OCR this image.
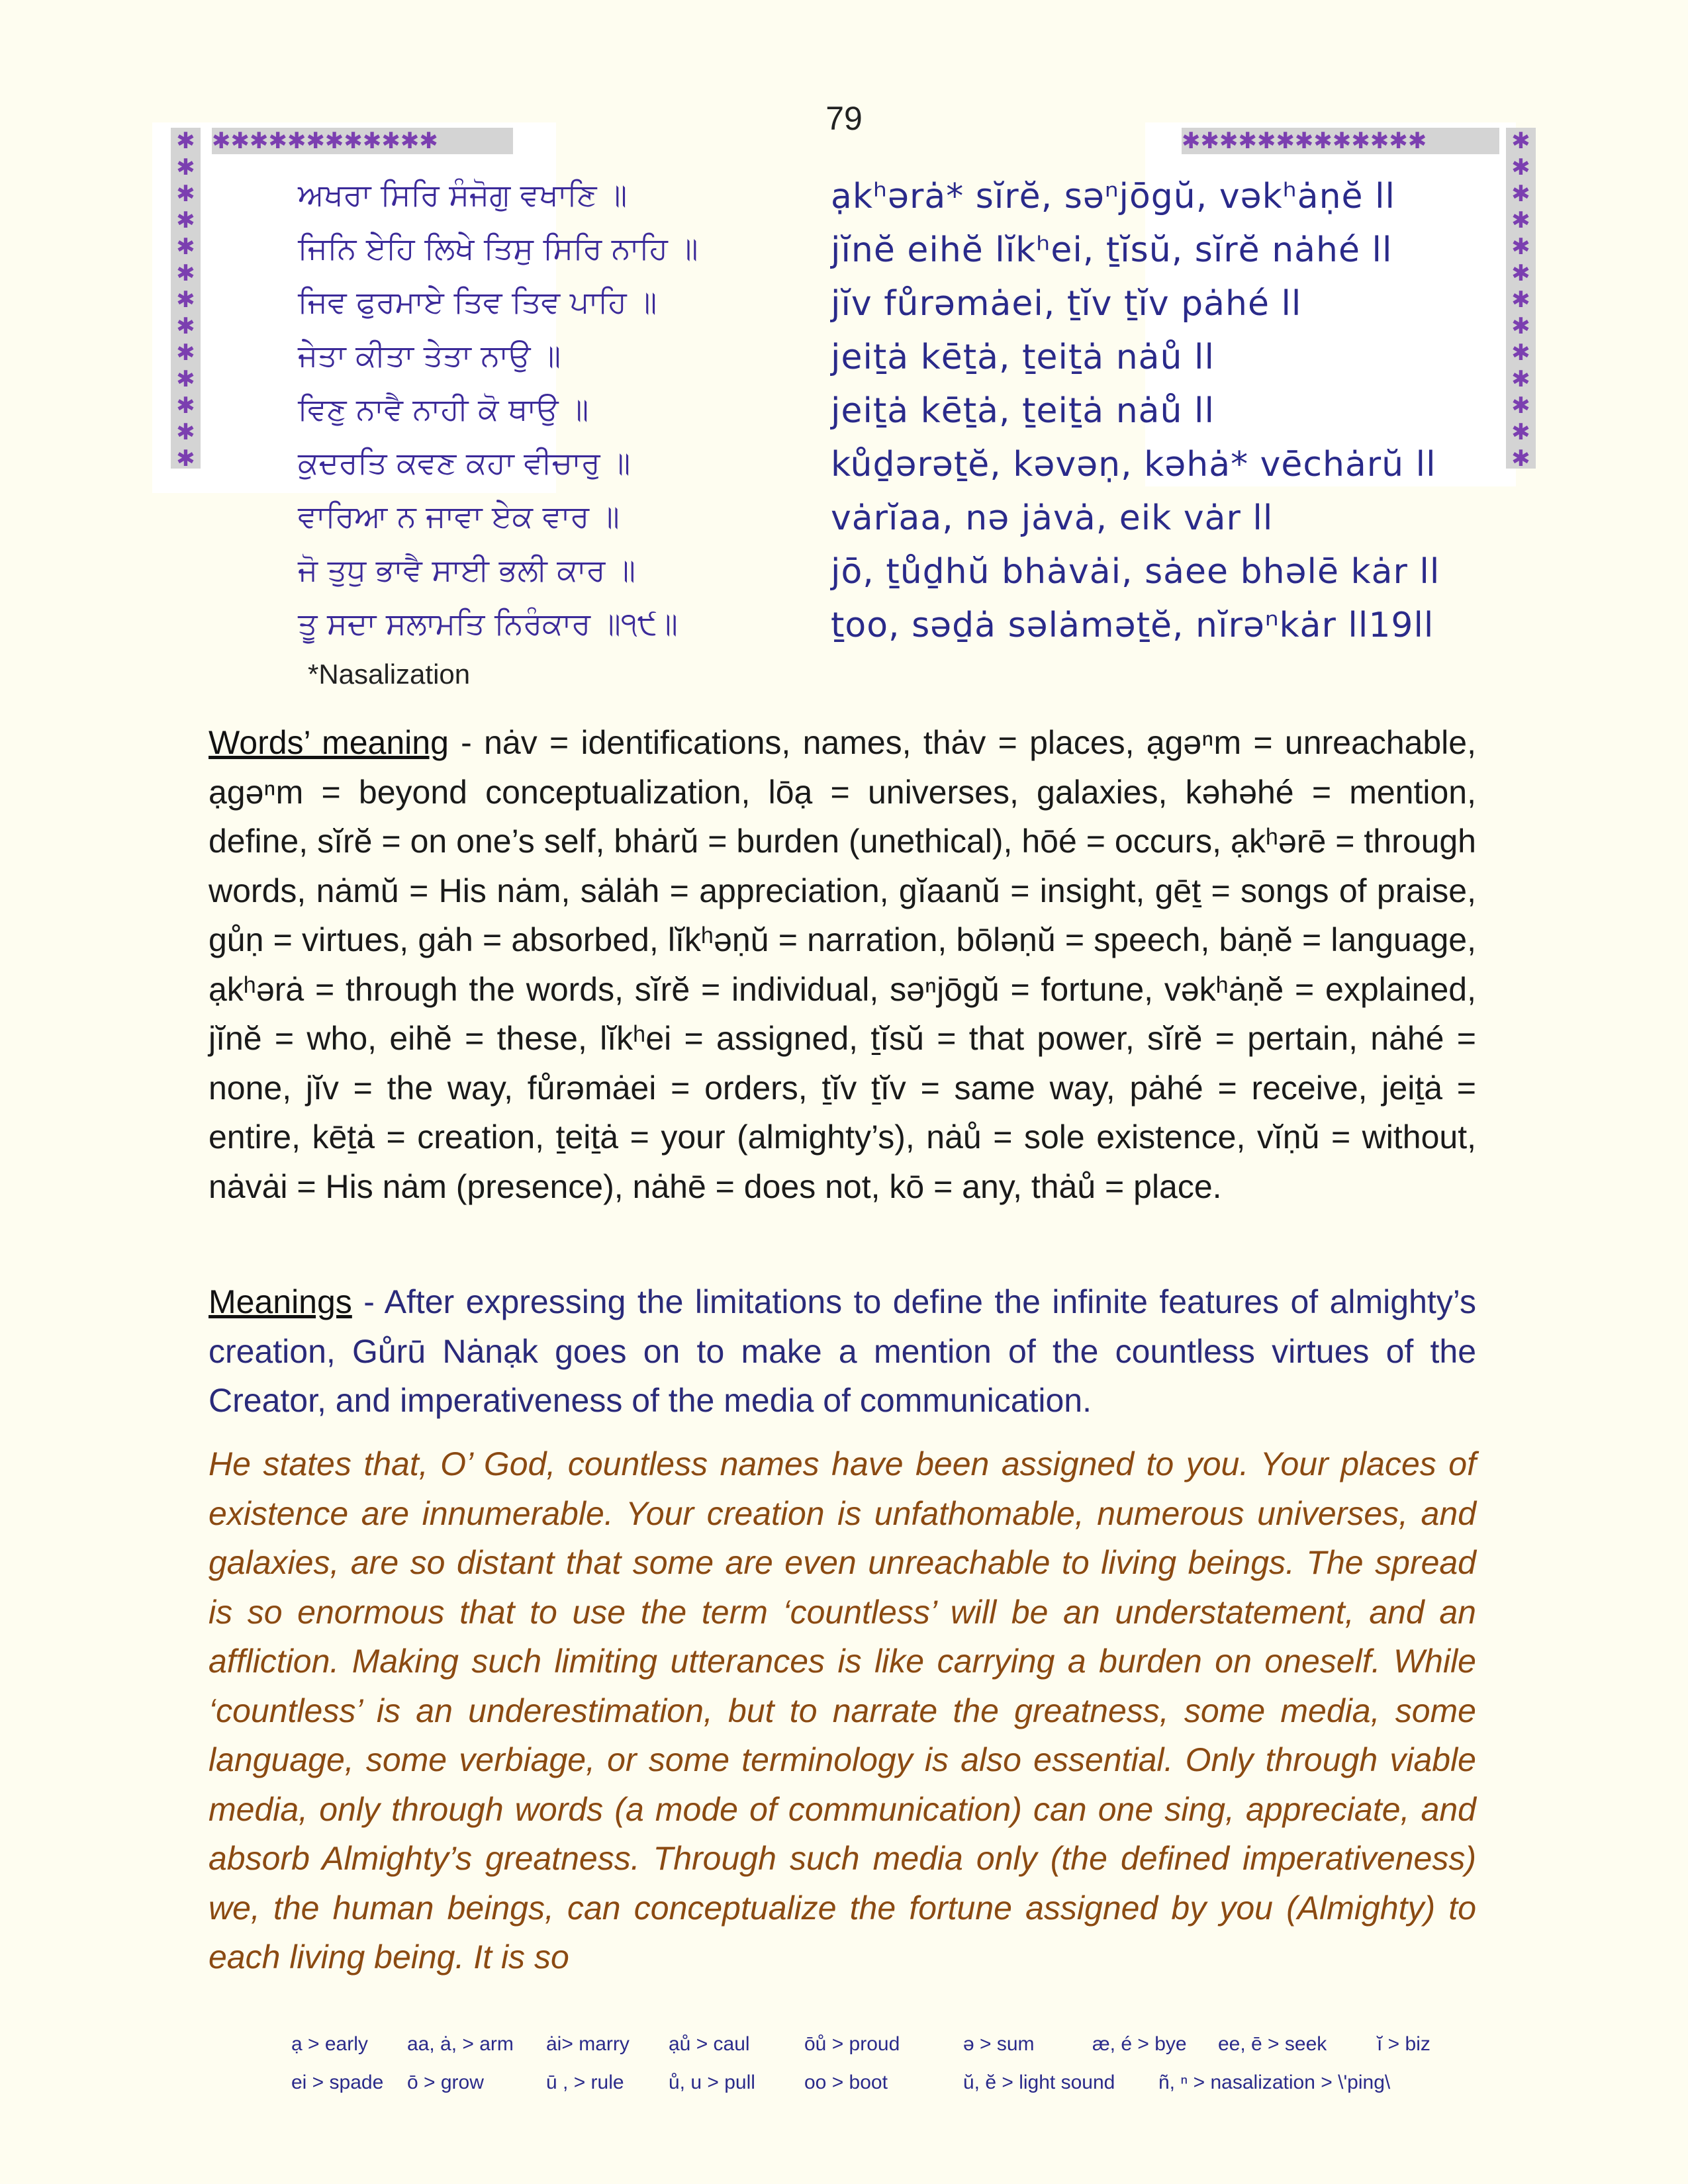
✱✱✱✱✱✱✱✱✱✱✱✱
✱✱✱✱✱✱✱✱✱✱✱✱✱
✱✱✱✱✱✱✱✱✱✱✱✱✱	✱✱✱✱✱✱✱✱✱✱✱✱✱
79
ਅਖਰਾ ਸਿਰਿ ਸੰਜੋਗੁ ਵਖਾਣਿ ॥	ạkʰərȧ* sĭrĕ, səⁿjōgŭ, vəkʰȧṇĕ ll
ਜਿਨਿ ਏਹਿ ਲਿਖੇ ਤਿਸੁ ਸਿਰਿ ਨਾਹਿ ॥	jĭnĕ eihĕ lĭkʰei, ṯĭsŭ, sĭrĕ nȧhé ll
ਜਿਵ ਫੁਰਮਾਏ ਤਿਵ ਤਿਵ ਪਾਹਿ ॥	jĭv fůrəmȧei, ṯĭv ṯĭv pȧhé ll
ਜੇਤਾ ਕੀਤਾ ਤੇਤਾ ਨਾਉ ॥	jeiṯȧ kēṯȧ, ṯeiṯȧ nȧů ll
ਵਿਣੁ ਨਾਵੈ ਨਾਹੀ ਕੋ ਥਾਉ ॥	jeiṯȧ kēṯȧ, ṯeiṯȧ nȧů ll
ਕੁਦਰਤਿ ਕਵਣ ਕਹਾ ਵੀਚਾਰੁ ॥	kůḏərəṯĕ, kəvəṇ, kəhȧ* vēchȧrŭ ll
ਵਾਰਿਆ ਨ ਜਾਵਾ ਏਕ ਵਾਰ ॥	vȧrĭaa, nə jȧvȧ, eik vȧr ll
ਜੋ ਤੁਧੁ ਭਾਵੈ ਸਾਈ ਭਲੀ ਕਾਰ ॥	jō, ṯůḏhŭ bhȧvȧi, sȧee bhəlē kȧr ll
ਤੂ ਸਦਾ ਸਲਾਮਤਿ ਨਿਰੰਕਾਰ ॥੧੯॥	ṯoo, səḏȧ səlȧməṯĕ, nĭrəⁿkȧr ll19ll
*Nasalization
Words’ meaning - nȧv = identifications, names, thȧv = places, ạgəⁿm = unreachable, ạgəⁿm = beyond conceptualization, lōạ = universes, galaxies, kəhəhé = mention, define, sĭrĕ = on one’s self, bhȧrŭ = burden (unethical), hōé = occurs, ạkʰərē = through words, nȧmŭ = His nȧm, sȧlȧh = appreciation, gĭaanŭ = insight, gēṯ = songs of praise, gůṇ = virtues, gȧh = absorbed, lĭkʰəṇŭ = narration, bōləṇŭ = speech, bȧṇĕ = language, ạkʰərȧ = through the words, sĭrĕ = individual, səⁿjōgŭ = fortune, vəkʰȧṇĕ = explained, jĭnĕ = who, eihĕ = these, lĭkʰei = assigned, ṯĭsŭ = that power, sĭrĕ = pertain, nȧhé = none, jĭv = the way, fůrəmȧei = orders, ṯĭv ṯĭv = same way, pȧhé = receive, jeiṯȧ = entire, kēṯȧ = creation, ṯeiṯȧ = your (almighty’s), nȧů = sole existence, vĭṇŭ = without, nȧvȧi = His nȧm (presence), nȧhē = does not, kō = any, thȧů = place.
Meanings - After expressing the limitations to define the infinite features of almighty’s creation, Gůrū Nȧnạk goes on to make a mention of the countless virtues of the Creator, and imperativeness of the media of communication.
He states that, O’ God, countless names have been assigned to you. Your places of existence are innumerable. Your creation is unfathomable, numerous universes, and galaxies, are so distant that some are even unreachable to living beings. The spread is so enormous that to use the term ‘countless’ will be an understatement, and an affliction. Making such limiting utterances is like carrying a burden on oneself. While ‘countless’ is an underestimation, but to narrate the greatness, some media, some language, some verbiage, or some terminology is also essential. Only through viable media, only through words (a mode of communication) can one sing, appreciate, and absorb Almighty’s greatness. Through such media only (the defined imperativeness) we, the human beings, can conceptualize the fortune assigned by you (Almighty) to each living being. It is so
ạ > early aa, ȧ, > arm ȧi> marry ạů > caul	ōů > proud	ə > sum	æ, é > bye ee, ē > seek	ĭ > biz
ei > spade ō > grow	ū , > rule ů, u > pull oo > boot	ŭ, ĕ > light sound ñ, ⁿ > nasalization > \'ping\
